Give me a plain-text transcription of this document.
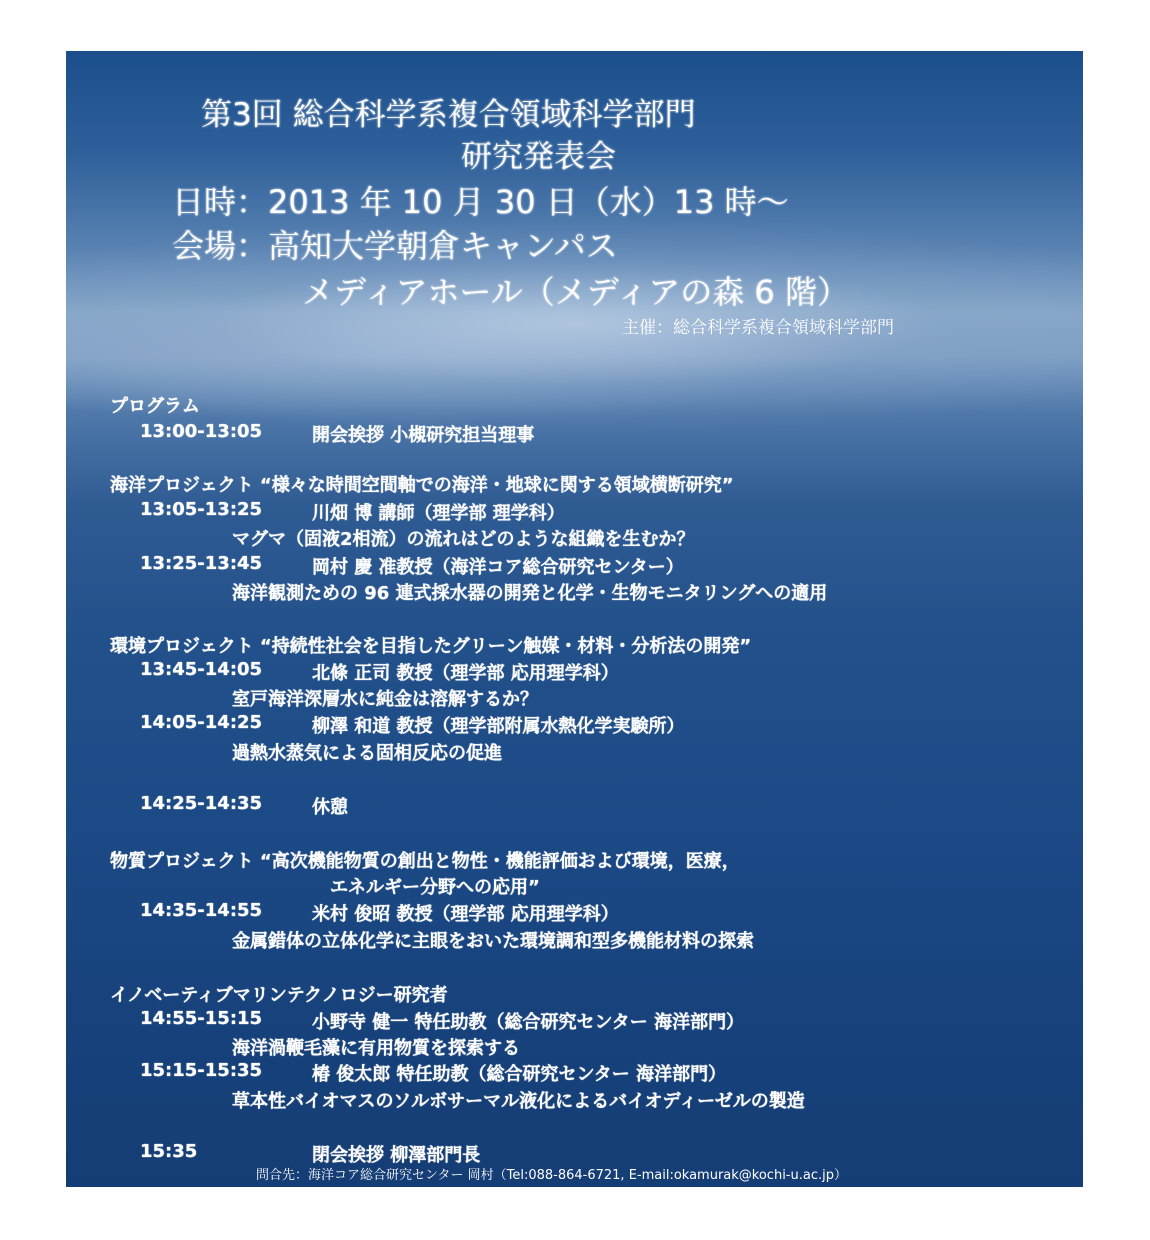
第3回 総合科学系複合領域科学部門
研究発表会
日時：2013 年 10 月 30 日（水）13 時～
会場：高知大学朝倉キャンパス
メディアホール（メディアの森 6 階）
主催：総合科学系複合領域科学部門
プログラム
13:00-13:05	開会挨拶 小槻研究担当理事
海洋プロジェクト “様々な時間空間軸での海洋・地球に関する領域横断研究”
13:05-13:25	川畑 博 講師（理学部 理学科）
マグマ（固液2相流）の流れはどのような組織を生むか？
13:25-13:45	岡村 慶 准教授（海洋コア総合研究センター）
海洋観測ための 96 連式採水器の開発と化学・生物モニタリングへの適用
環境プロジェクト “持続性社会を目指したグリーン触媒・材料・分析法の開発”
13:45-14:05	北條 正司 教授（理学部 応用理学科）
室戸海洋深層水に純金は溶解するか？
14:05-14:25	柳澤 和道 教授（理学部附属水熱化学実験所）
過熱水蒸気による固相反応の促進
14:25-14:35	休憩
物質プロジェクト “高次機能物質の創出と物性・機能評価および環境，医療，
エネルギー分野への応用”
14:35-14:55	米村 俊昭 教授（理学部 応用理学科）
金属錯体の立体化学に主眼をおいた環境調和型多機能材料の探索
イノベーティブマリンテクノロジー研究者
14:55-15:15	小野寺 健一 特任助教（総合研究センター 海洋部門）
海洋渦鞭毛藻に有用物質を探索する
15:15-15:35	椿 俊太郎 特任助教（総合研究センター 海洋部門）
草本性バイオマスのソルボサーマル液化によるバイオディーゼルの製造
15:35	閉会挨拶 柳澤部門長
問合先：海洋コア総合研究センター 岡村（Tel:088-864-6721, E-mail:okamurak@kochi-u.ac.jp）
